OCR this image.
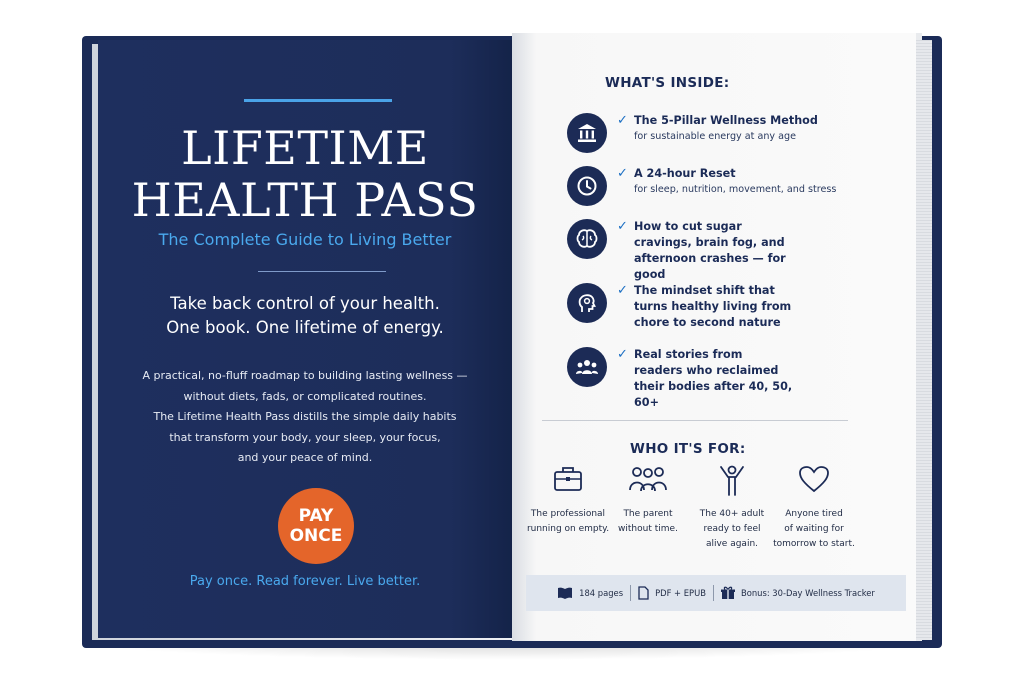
LIFETIME
HEALTH PASS
The Complete Guide to Living Better
Take back control of your health.
One book. One lifetime of energy.
A practical, no-fluff roadmap to building lasting wellness —
without diets, fads, or complicated routines.
The Lifetime Health Pass distills the simple daily habits
that transform your body, your sleep, your focus,
and your peace of mind.
PAY
ONCE
Pay once. Read forever. Live better.
WHAT'S INSIDE:
✓ The 5-Pillar Wellness Method
for sustainable energy at any age
✓ A 24-hour Reset
for sleep, nutrition, movement, and stress
✓ How to cut sugar cravings, brain fog, and afternoon crashes — for good
✓ The mindset shift that turns healthy living from chore to second nature
✓ Real stories from readers who reclaimed their bodies after 40, 50, 60+
WHO IT'S FOR:
The professional
running on empty.
The parent
without time.
The 40+ adult
ready to feel
alive again.
Anyone tired
of waiting for
tomorrow to start.
184 pages	PDF + EPUB	Bonus: 30-Day Wellness Tracker
